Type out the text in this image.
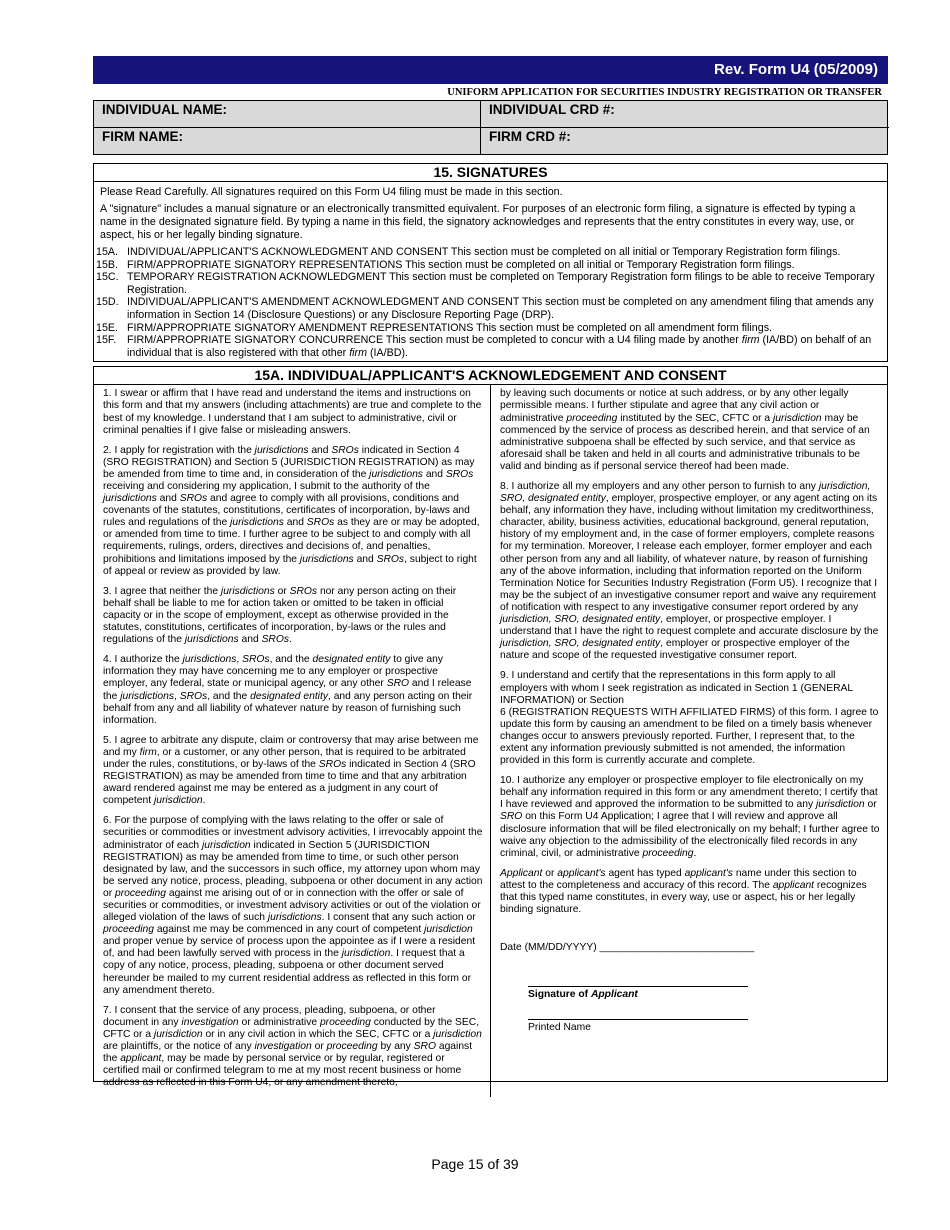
Rev. Form U4 (05/2009)
UNIFORM APPLICATION FOR SECURITIES INDUSTRY REGISTRATION OR TRANSFER
INDIVIDUAL NAME:	INDIVIDUAL CRD #:
FIRM NAME:	FIRM CRD #:
15. SIGNATURES

Please Read Carefully. All signatures required on this Form U4 filing must be made in this section.

A "signature" includes a manual signature or an electronically transmitted equivalent. For purposes of an electronic form filing, a signature is effected by typing a name in the designated signature field. By typing a name in this field, the signatory acknowledges and represents that the entry constitutes in every way, use, or aspect, his or her legally binding signature.

15A. INDIVIDUAL/APPLICANT'S ACKNOWLEDGMENT AND CONSENT This section must be completed on all initial or Temporary Registration form filings.
15B. FIRM/APPROPRIATE SIGNATORY REPRESENTATIONS This section must be completed on all initial or Temporary Registration form filings.
15C. TEMPORARY REGISTRATION ACKNOWLEDGMENT This section must be completed on Temporary Registration form filings to be able to receive Temporary Registration.
15D. INDIVIDUAL/APPLICANT'S AMENDMENT ACKNOWLEDGMENT AND CONSENT This section must be completed on any amendment filing that amends any information in Section 14 (Disclosure Questions) or any Disclosure Reporting Page (DRP).
15E. FIRM/APPROPRIATE SIGNATORY AMENDMENT REPRESENTATIONS This section must be completed on all amendment form filings.
15F.	FIRM/APPROPRIATE SIGNATORY CONCURRENCE This section must be completed to concur with a U4 filing made by another firm (IA/BD) on behalf of an individual that is also registered with that other firm (IA/BD).
15A. INDIVIDUAL/APPLICANT'S ACKNOWLEDGEMENT AND CONSENT

1. I swear or affirm that I have read and understand the items and instructions on this form and that my answers (including attachments) are true and complete to the best of my knowledge. I understand that I am subject to administrative, civil or criminal penalties if I give false or misleading answers.

2. I apply for registration with the jurisdictions and SROs indicated in Section 4 (SRO REGISTRATION) and Section 5 (JURISDICTION REGISTRATION) as may be amended from time to time and, in consideration of the jurisdictions and SROs receiving and considering my application, I submit to the authority of the jurisdictions and SROs and agree to comply with all provisions, conditions and covenants of the statutes, constitutions, certificates of incorporation, by-laws and rules and regulations of the jurisdictions and SROs as they are or may be adopted, or amended from time to time. I further agree to be subject to and comply with all requirements, rulings, orders, directives and decisions of, and penalties, prohibitions and limitations imposed by the jurisdictions and SROs, subject to right of appeal or review as provided by law.

3. I agree that neither the jurisdictions or SROs nor any person acting on their behalf shall be liable to me for action taken or omitted to be taken in official capacity or in the scope of employment, except as otherwise provided in the statutes, constitutions, certificates of incorporation, by-laws or the rules and regulations of the jurisdictions and SROs.

4. I authorize the jurisdictions, SROs, and the designated entity to give any information they may have concerning me to any employer or prospective employer, any federal, state or municipal agency, or any other SRO and I release the jurisdictions, SROs, and the designated entity, and any person acting on their behalf from any and all liability of whatever nature by reason of furnishing such information.

5. I agree to arbitrate any dispute, claim or controversy that may arise between me and my firm, or a customer, or any other person, that is required to be arbitrated under the rules, constitutions, or by-laws of the SROs indicated in Section 4 (SRO REGISTRATION) as may be amended from time to time and that any arbitration award rendered against me may be entered as a judgment in any court of competent jurisdiction.

6. For the purpose of complying with the laws relating to the offer or sale of securities or commodities or investment advisory activities, I irrevocably appoint the administrator of each jurisdiction indicated in Section 5 (JURISDICTION REGISTRATION) as may be amended from time to time, or such other person designated by law, and the successors in such office, my attorney upon whom may be served any notice, process, pleading, subpoena or other document in any action or proceeding against me arising out of or in connection with the offer or sale of securities or commodities, or investment advisory activities or out of the violation or alleged violation of the laws of such jurisdictions. I consent that any such action or proceeding against me may be commenced in any court of competent jurisdiction and proper venue by service of process upon the appointee as if I were a resident of, and had been lawfully served with process in the jurisdiction. I request that a copy of any notice, process, pleading, subpoena or other document served hereunder be mailed to my current residential address as reflected in this form or any amendment thereto.

7. I consent that the service of any process, pleading, subpoena, or other document in any investigation or administrative proceeding conducted by the SEC, CFTC or a jurisdiction or in any civil action in which the SEC, CFTC or a jurisdiction are plaintiffs, or the notice of any investigation or proceeding by any SRO against the applicant, may be made by personal service or by regular, registered or certified mail or confirmed telegram to me at my most recent business or home address as reflected in this Form U4, or any amendment thereto,

by leaving such documents or notice at such address, or by any other legally permissible means. I further stipulate and agree that any civil action or administrative proceeding instituted by the SEC, CFTC or a jurisdiction may be commenced by the service of process as described herein, and that service of an administrative subpoena shall be effected by such service, and that service as aforesaid shall be taken and held in all courts and administrative tribunals to be valid and binding as if personal service thereof had been made.

8. I authorize all my employers and any other person to furnish to any jurisdiction, SRO, designated entity, employer, prospective employer, or any agent acting on its behalf, any information they have, including without limitation my creditworthiness, character, ability, business activities, educational background, general reputation, history of my employment and, in the case of former employers, complete reasons for my termination. Moreover, I release each employer, former employer and each other person from any and all liability, of whatever nature, by reason of furnishing any of the above information, including that information reported on the Uniform Termination Notice for Securities Industry Registration (Form U5). I recognize that I may be the subject of an investigative consumer report and waive any requirement of notification with respect to any investigative consumer report ordered by any jurisdiction, SRO, designated entity, employer, or prospective employer. I understand that I have the right to request complete and accurate disclosure by the jurisdiction, SRO, designated entity, employer or prospective employer of the nature and scope of the requested investigative consumer report.

9. I understand and certify that the representations in this form apply to all employers with whom I seek registration as indicated in Section 1 (GENERAL INFORMATION) or Section
6 (REGISTRATION REQUESTS WITH AFFILIATED FIRMS) of this form. I agree to update this form by causing an amendment to be filed on a timely basis whenever changes occur to answers previously reported. Further, I represent that, to the extent any information previously submitted is not amended, the information provided in this form is currently accurate and complete.

10. I authorize any employer or prospective employer to file electronically on my behalf any information required in this form or any amendment thereto; I certify that I have reviewed and approved the information to be submitted to any jurisdiction or SRO on this Form U4 Application; I agree that I will review and approve all disclosure information that will be filed electronically on my behalf; I further agree to waive any objection to the admissibility of the electronically filed records in any criminal, civil, or administrative proceeding.

Applicant or applicant's agent has typed applicant's name under this section to attest to the completeness and accuracy of this record. The applicant recognizes that this typed name constitutes, in every way, use or aspect, his or her legally binding signature.

Date (MM/DD/YYYY) ___________________________
Signature of Applicant
Printed Name
Page 15 of 39
